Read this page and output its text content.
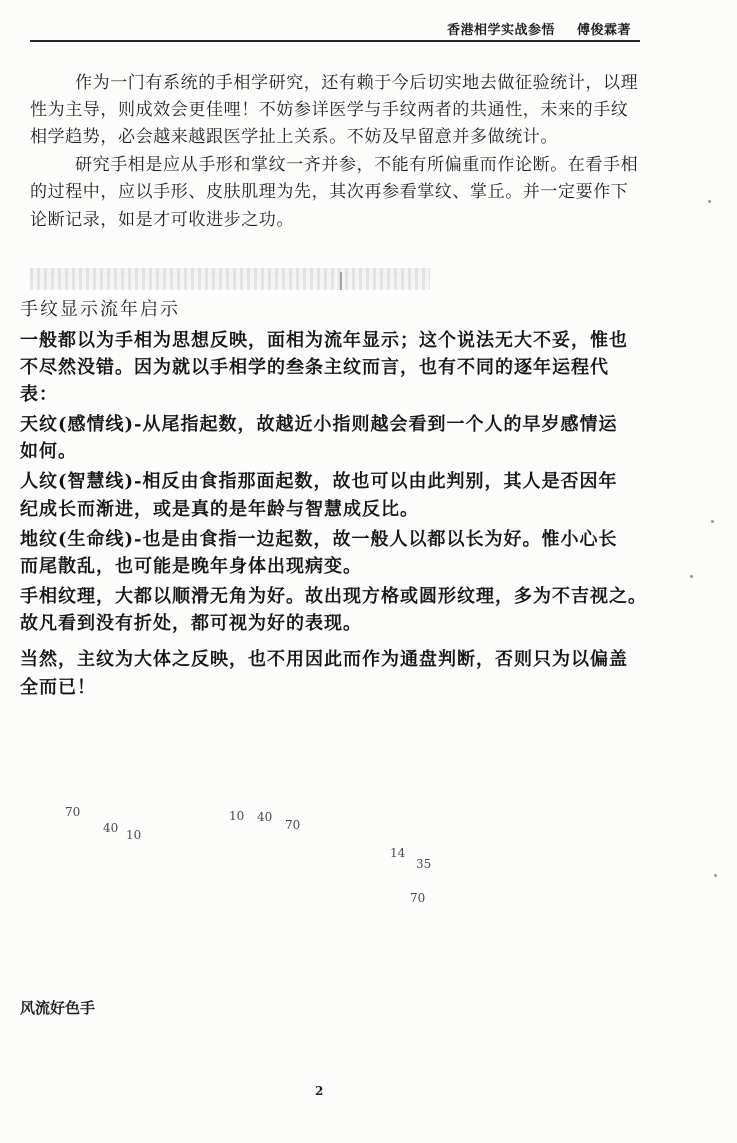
香港相学实战参悟 傅俊霖著
作为一门有系统的手相学研究，还有赖于今后切实地去做征验统计，以理
性为主导，则成效会更佳哩！不妨参详医学与手纹两者的共通性，未来的手纹
相学趋势，必会越来越跟医学扯上关系。不妨及早留意并多做统计。
研究手相是应从手形和掌纹一齐并参，不能有所偏重而作论断。在看手相
的过程中，应以手形、皮肤肌理为先，其次再参看掌纹、掌丘。并一定要作下
论断记录，如是才可收进步之功。
手纹显示流年启示
一般都以为手相为思想反映，面相为流年显示；这个说法无大不妥，惟也
不尽然没错。因为就以手相学的叁条主纹而言，也有不同的逐年运程代
表：
天纹(感情线)-从尾指起数，故越近小指则越会看到一个人的早岁感情运
如何。
人纹(智慧线)-相反由食指那面起数，故也可以由此判别，其人是否因年
纪成长而渐进，或是真的是年龄与智慧成反比。
地纹(生命线)-也是由食指一边起数，故一般人以都以长为好。惟小心长
而尾散乱，也可能是晚年身体出现病变。
手相纹理，大都以顺滑无角为好。故出现方格或圆形纹理，多为不吉视之。
故凡看到没有折处，都可视为好的表现。
当然，主纹为大体之反映，也不用因此而作为通盘判断，否则只为以偏盖
全而已！
70
40 10
10 40
70
14
35
70
风流好色手
2
